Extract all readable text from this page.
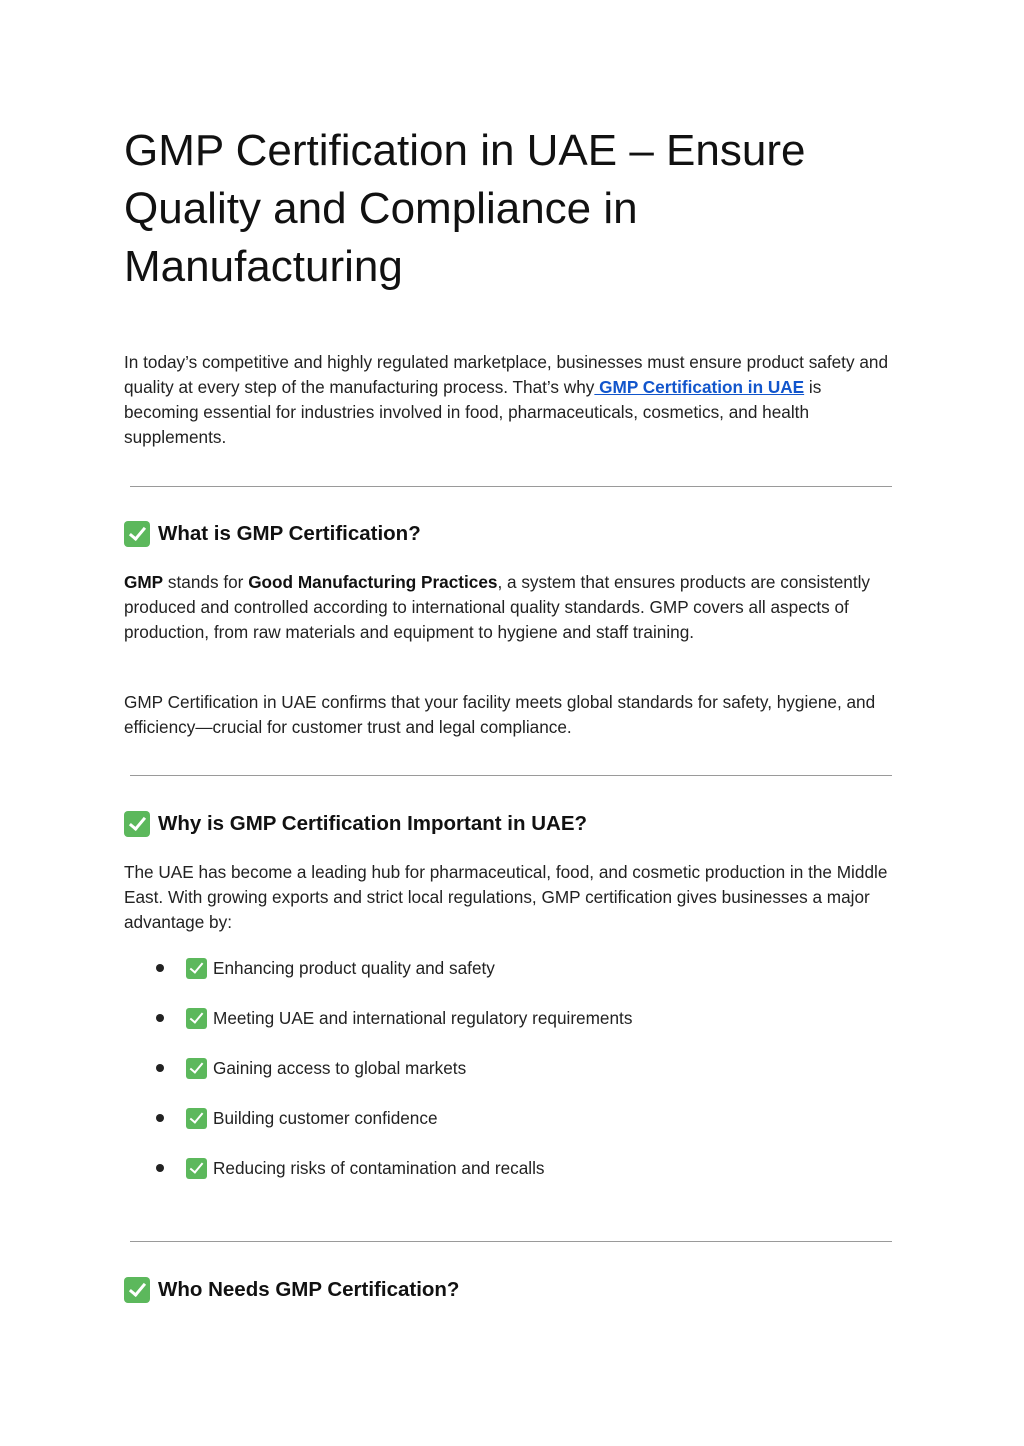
GMP Certification in UAE – Ensure Quality and Compliance in Manufacturing

In today’s competitive and highly regulated marketplace, businesses must ensure product safety and quality at every step of the manufacturing process. That’s why GMP Certification in UAE is becoming essential for industries involved in food, pharmaceuticals, cosmetics, and health supplements.

What is GMP Certification?

GMP stands for Good Manufacturing Practices, a system that ensures products are consistently produced and controlled according to international quality standards. GMP covers all aspects of production, from raw materials and equipment to hygiene and staff training.

GMP Certification in UAE confirms that your facility meets global standards for safety, hygiene, and efficiency—crucial for customer trust and legal compliance.

Why is GMP Certification Important in UAE?

The UAE has become a leading hub for pharmaceutical, food, and cosmetic production in the Middle East. With growing exports and strict local regulations, GMP certification gives businesses a major advantage by:

Enhancing product quality and safety
Meeting UAE and international regulatory requirements
Gaining access to global markets
Building customer confidence
Reducing risks of contamination and recalls
Who Needs GMP Certification?
